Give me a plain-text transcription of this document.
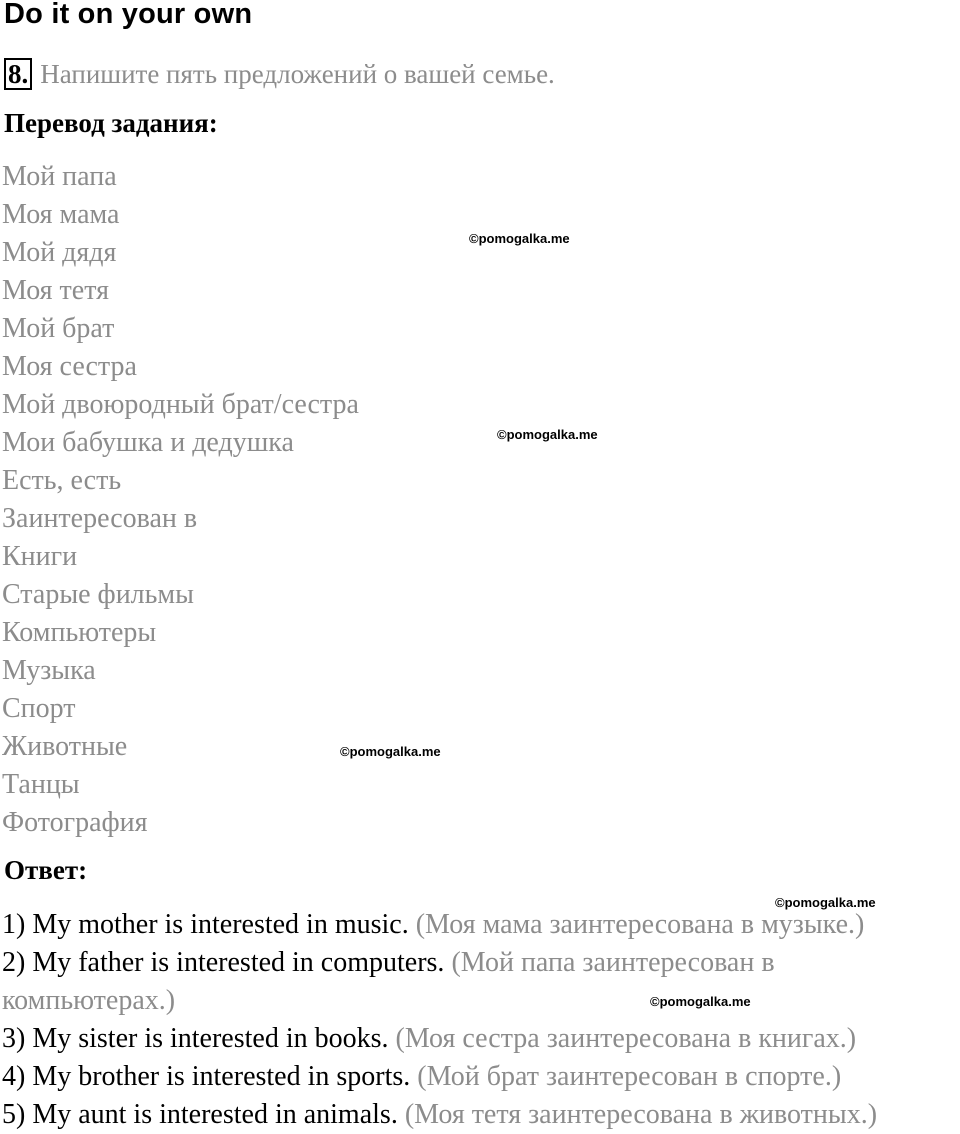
Do it on your own
8. Напишите пять предложений о вашей семье.
Перевод задания:
Мой папа
Моя мама
Мой дядя
Моя тетя
Мой брат
Моя сестра
Мой двоюродный брат/сестра
Мои бабушка и дедушка
Есть, есть
Заинтересован в
Книги
Старые фильмы
Компьютеры
Музыка
Спорт
Животные
Танцы
Фотография
Ответ:
1) My mother is interested in music. (Моя мама заинтересована в музыке.)
2) My father is interested in computers. (Мой папа заинтересован в
компьютерах.)
3) My sister is interested in books. (Моя сестра заинтересована в книгах.)
4) My brother is interested in sports. (Мой брат заинтересован в спорте.)
5) My aunt is interested in animals. (Моя тетя заинтересована в животных.)
©pomogalka.me
©pomogalka.me
©pomogalka.me
©pomogalka.me
©pomogalka.me
